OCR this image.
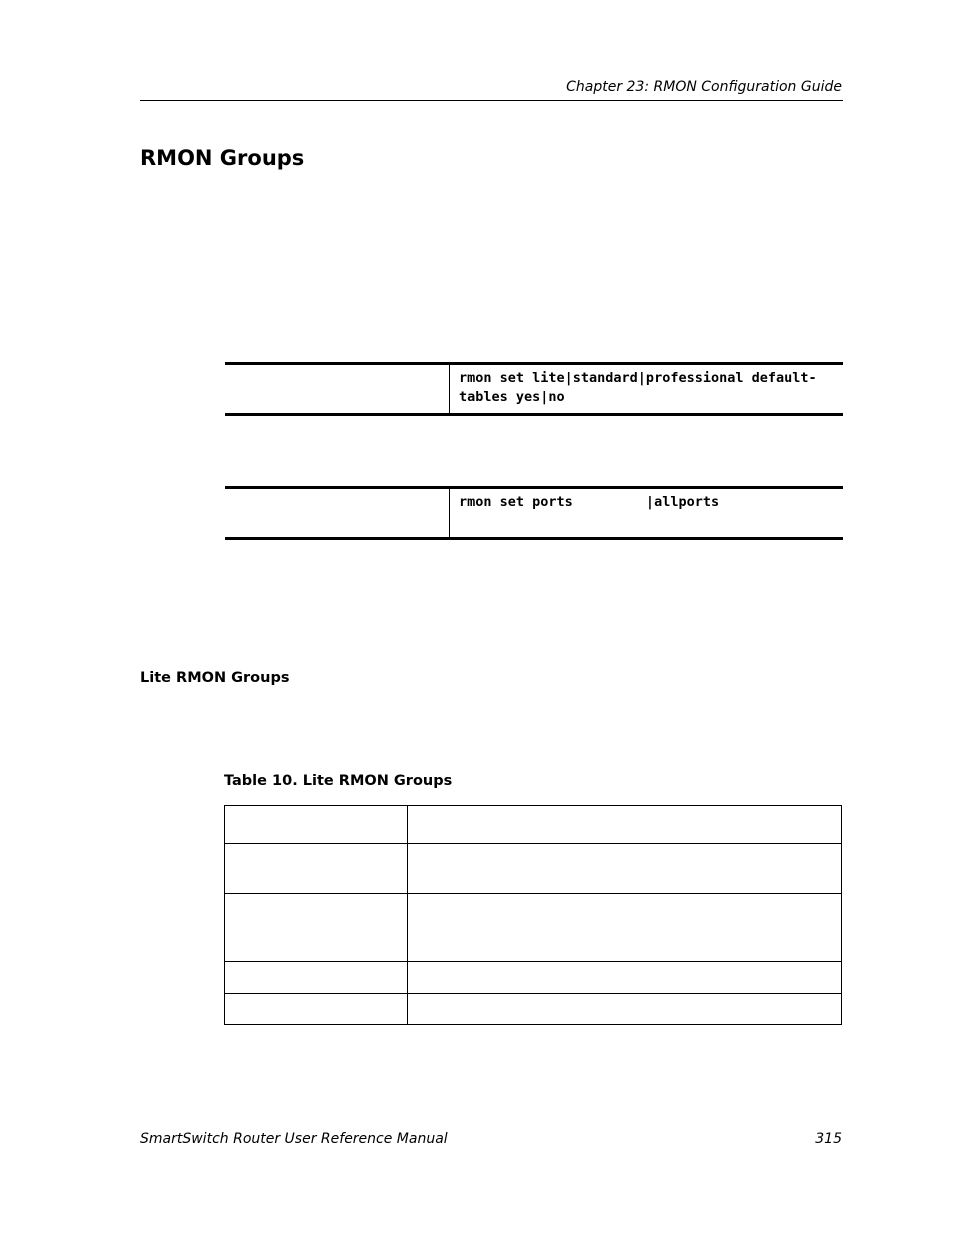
Chapter 23: RMON Configuration Guide
RMON Groups
rmon set lite|standard|professional default-tables yes|no
rmon set ports         |allports
Lite RMON Groups
Table 10. Lite RMON Groups

SmartSwitch Router User Reference Manual	315
